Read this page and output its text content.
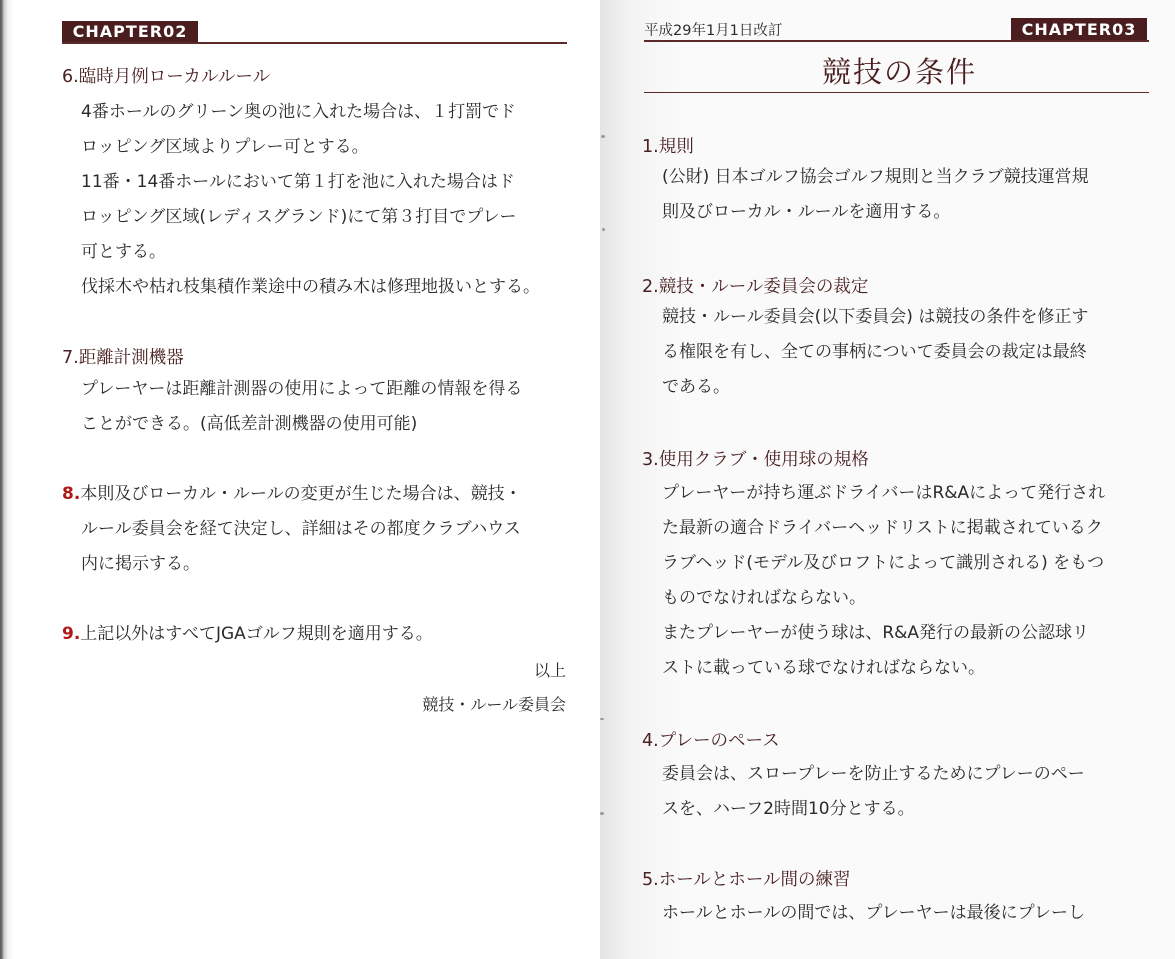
CHAPTER02
6.臨時月例ローカルルール
4番ホールのグリーン奥の池に入れた場合は、１打罰でド
ロッピング区域よりプレー可とする。
11番・14番ホールにおいて第１打を池に入れた場合はド
ロッピング区域(レディスグランド)にて第３打目でプレー
可とする。
伐採木や枯れ枝集積作業途中の積み木は修理地扱いとする。
7.距離計測機器
プレーヤーは距離計測器の使用によって距離の情報を得る
ことができる。(高低差計測機器の使用可能)
8.本則及びローカル・ルールの変更が生じた場合は、競技・
ルール委員会を経て決定し、詳細はその都度クラブハウス
内に掲示する。
9.上記以外はすべてJGAゴルフ規則を適用する。
以上
競技・ルール委員会
平成29年1月1日改訂	CHAPTER03
競技の条件
1.規則
(公財) 日本ゴルフ協会ゴルフ規則と当クラブ競技運営規
則及びローカル・ルールを適用する。
2.競技・ルール委員会の裁定
競技・ルール委員会(以下委員会) は競技の条件を修正す
る権限を有し、全ての事柄について委員会の裁定は最終
である。
3.使用クラブ・使用球の規格
プレーヤーが持ち運ぶドライバーはR&Aによって発行され
た最新の適合ドライバーヘッドリストに掲載されているク
ラブヘッド(モデル及びロフトによって識別される) をもつ
ものでなければならない。
またプレーヤーが使う球は、R&A発行の最新の公認球リ
ストに載っている球でなければならない。
4.プレーのペース
委員会は、スロープレーを防止するためにプレーのペー
スを、ハーフ2時間10分とする。
5.ホールとホール間の練習
ホールとホールの間では、プレーヤーは最後にプレーし
